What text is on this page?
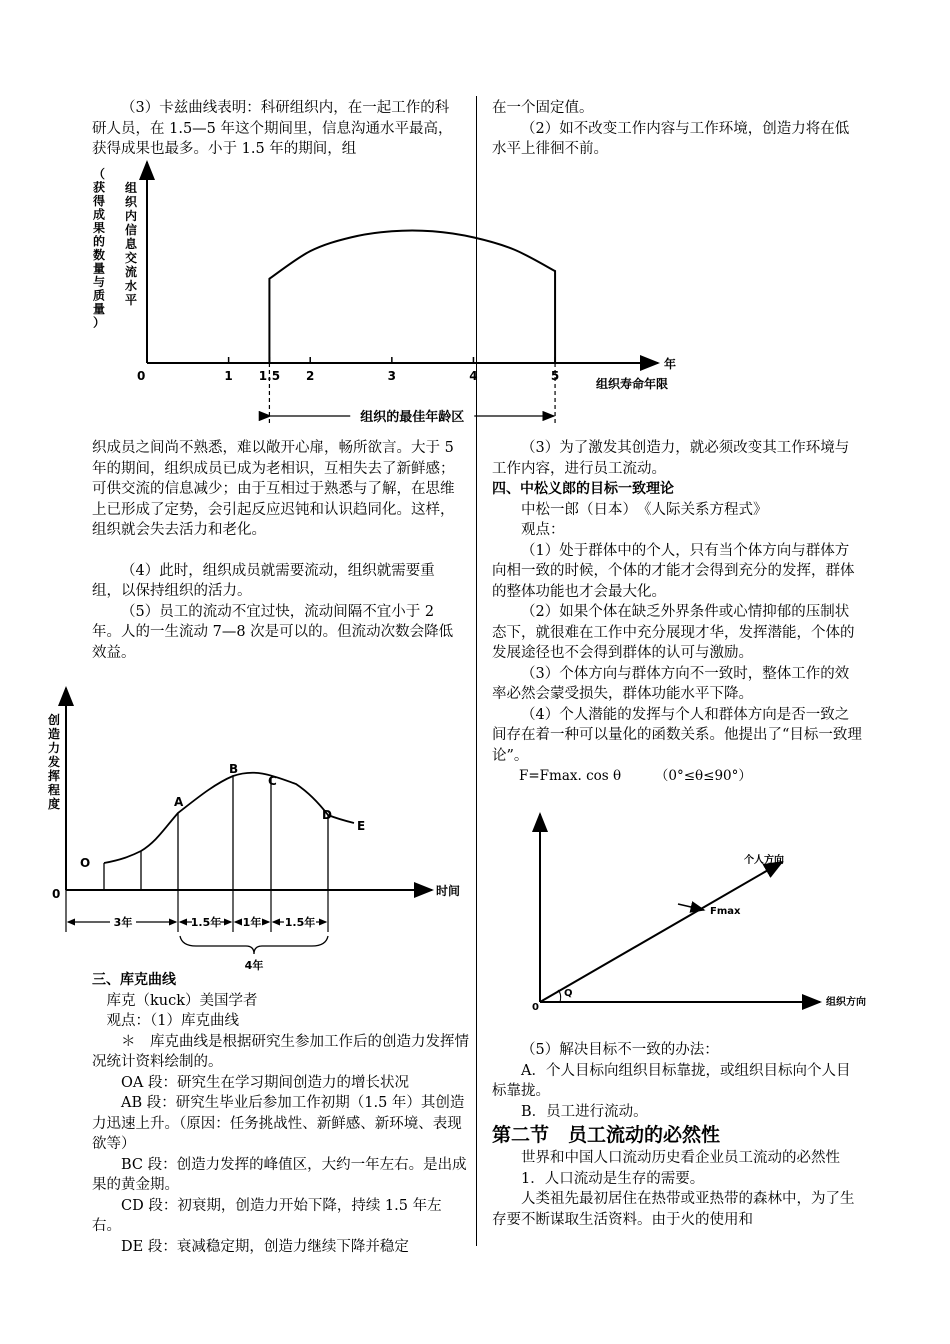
（3）卡兹曲线表明：科研组织内，在一起工作的科研人员，在 1.5—5 年这个期间里，信息沟通水平最高，获得成果也最多。小于 1.5 年的期间，组

（获得成果的数量与质量）
组织内信息交流水平
0	1 1.5 2	3	4	5
年
组织寿命年限
组织的最佳年龄区

织成员之间尚不熟悉，难以敞开心扉，畅所欲言。大于 5 年的期间，组织成员已成为老相识，互相失去了新鲜感；可供交流的信息减少；由于互相过于熟悉与了解，在思维上已形成了定势，会引起反应迟钝和认识趋同化。这样，组织就会失去活力和老化。

（4）此时，组织成员就需要流动，组织就需要重组，以保持组织的活力。

（5）员工的流动不宜过快，流动间隔不宜小于 2 年。人的一生流动 7—8 次是可以的。但流动次数会降低效益。

创造力发挥程度
0	时间
O
A
B
C
D
E
3年	1.5年 1年 1.5年
4年

三、库克曲线

库克（kuck）美国学者

观点：（1）库克曲线

＊　库克曲线是根据研究生参加工作后的创造力发挥情况统计资料绘制的。

OA 段：研究生在学习期间创造力的增长状况

AB 段：研究生毕业后参加工作初期（1.5 年）其创造力迅速上升。（原因：任务挑战性、新鲜感、新环境、表现欲等）

BC 段：创造力发挥的峰值区，大约一年左右。是出成果的黄金期。

CD 段：初衰期，创造力开始下降，持续 1.5 年左右。

DE 段：衰减稳定期，创造力继续下降并稳定

在一个固定值。

（2）如不改变工作内容与工作环境，创造力将在低水平上徘徊不前。

（3）为了激发其创造力，就必须改变其工作环境与工作内容，进行员工流动。

四、中松义郎的目标一致理论

中松一郎（日本）　《人际关系方程式》

观点：

（1）处于群体中的个人，只有当个体方向与群体方向相一致的时候，个体的才能才会得到充分的发挥，群体的整体功能也才会最大化。

（2）如果个体在缺乏外界条件或心情抑郁的压制状态下，就很难在工作中充分展现才华，发挥潜能，个体的发展途径也不会得到群体的认可与激励。

（3）个体方向与群体方向不一致时，整体工作的效率必然会蒙受损失，群体功能水平下降。

（4）个人潜能的发挥与个人和群体方向是否一致之间存在着一种可以量化的函数关系。他提出了“目标一致理论”。

F=Fmax. cos θ　　　（0°≤θ≤90°）

个人方向
Fmax
Q
0	组织方向

（5）解决目标不一致的办法：

A．个人目标向组织目标靠拢，或组织目标向个人目标靠拢。

B．员工进行流动。

第二节　员工流动的必然性

世界和中国人口流动历史看企业员工流动的必然性

1．人口流动是生存的需要。

人类祖先最初居住在热带或亚热带的森林中，为了生存要不断谋取生活资料。由于火的使用和
